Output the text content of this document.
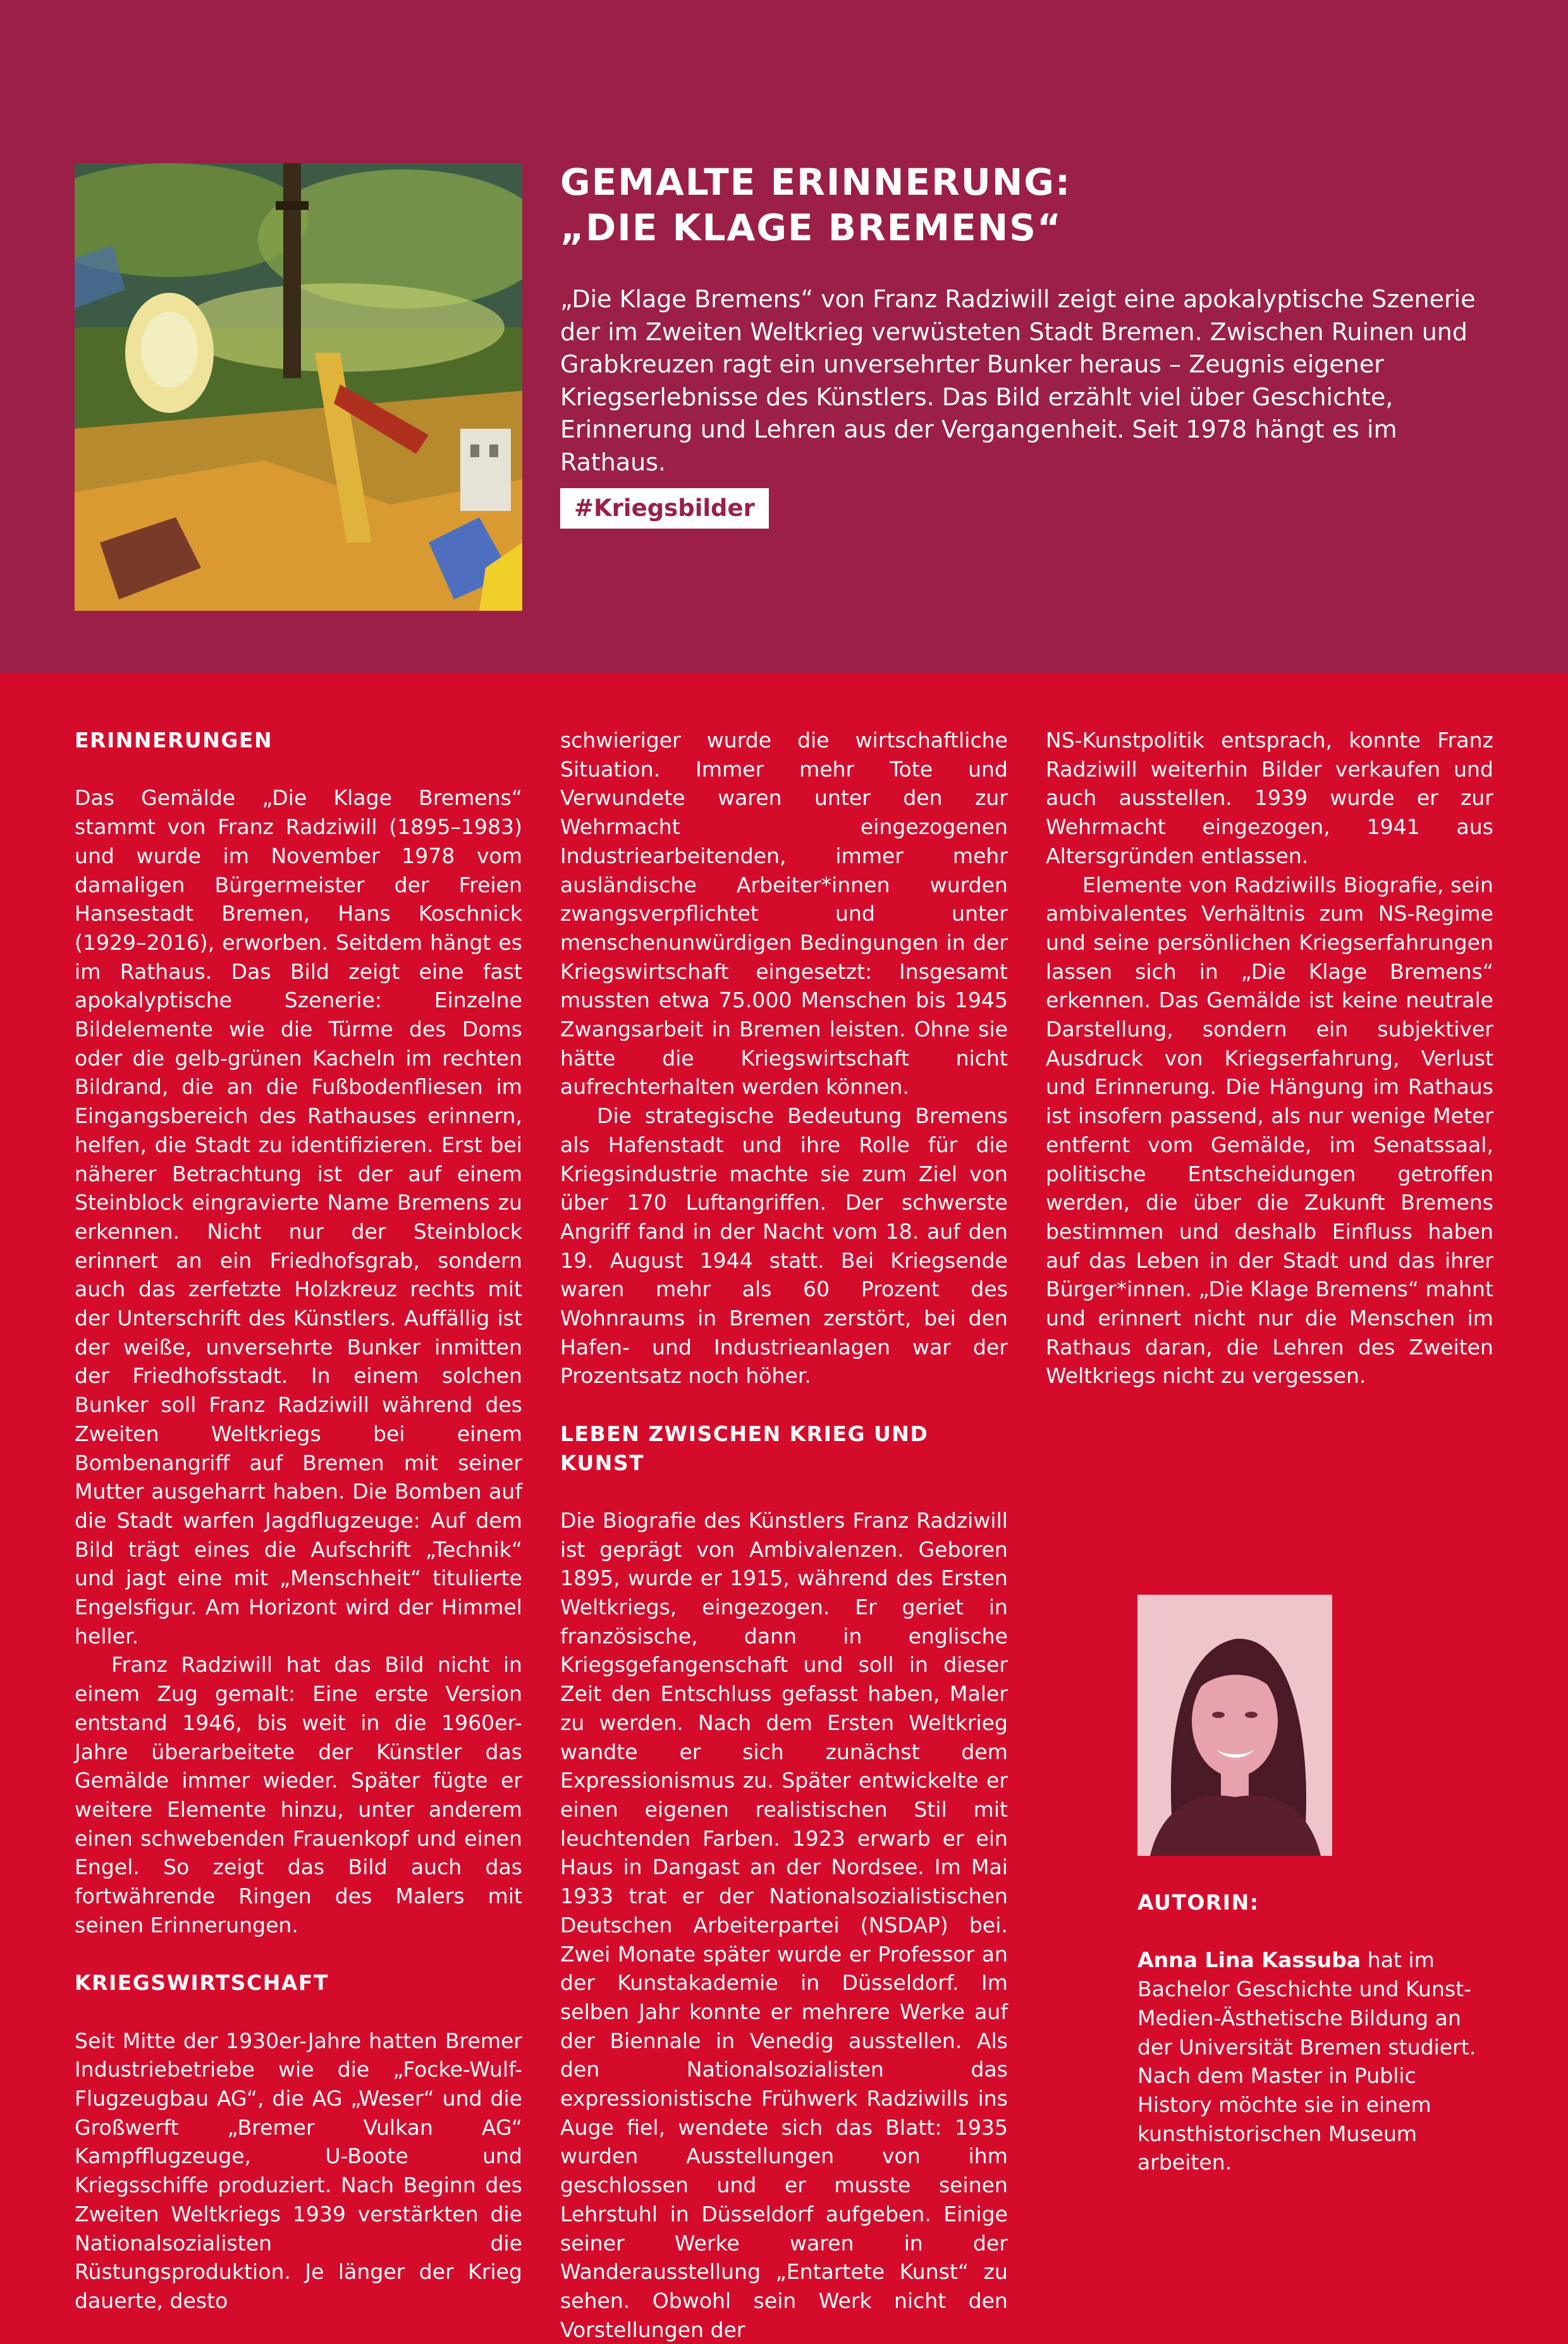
GEMALTE ERINNERUNG:
„DIE KLAGE BREMENS“

„Die Klage Bremens“ von Franz Radziwill zeigt eine apokalyptische Szenerie der im Zweiten Weltkrieg verwüsteten Stadt Bremen. Zwischen Ruinen und Grabkreuzen ragt ein unversehrter Bunker heraus – Zeugnis eigener Kriegserlebnisse des Künstlers. Das Bild erzählt viel über Geschichte, Erinnerung und Lehren aus der Vergangenheit. Seit 1978 hängt es im Rathaus.

#Kriegsbilder
ERINNERUNGEN

Das Gemälde „Die Klage Bremens“ stammt von Franz Radziwill (1895–1983) und wurde im November 1978 vom damaligen Bürgermeister der Freien Hansestadt Bremen, Hans Koschnick (1929–2016), erworben. Seitdem hängt es im Rathaus. Das Bild zeigt eine fast apokalyptische Szenerie: Einzelne Bildelemente wie die Türme des Doms oder die gelb-grünen Kacheln im rechten Bildrand, die an die Fußbodenfliesen im Eingangsbereich des Rathauses erinnern, helfen, die Stadt zu identifizieren. Erst bei näherer Betrachtung ist der auf einem Steinblock eingravierte Name Bremens zu erkennen. Nicht nur der Steinblock erinnert an ein Friedhofsgrab, sondern auch das zerfetzte Holzkreuz rechts mit der Unterschrift des Künstlers. Auffällig ist der weiße, unversehrte Bunker inmitten der Friedhofsstadt. In einem solchen Bunker soll Franz Radziwill während des Zweiten Weltkriegs bei einem Bombenangriff auf Bremen mit seiner Mutter ausgeharrt haben. Die Bomben auf die Stadt warfen Jagdflugzeuge: Auf dem Bild trägt eines die Aufschrift „Technik“ und jagt eine mit „Menschheit“ titulierte Engelsfigur. Am Horizont wird der Himmel heller.

Franz Radziwill hat das Bild nicht in einem Zug gemalt: Eine erste Version entstand 1946, bis weit in die 1960er-Jahre überarbeitete der Künstler das Gemälde immer wieder. Später fügte er weitere Elemente hinzu, unter anderem einen schwebenden Frauenkopf und einen Engel. So zeigt das Bild auch das fortwährende Ringen des Malers mit seinen Erinnerungen.

KRIEGSWIRTSCHAFT

Seit Mitte der 1930er-Jahre hatten Bremer Industriebetriebe wie die „Focke-Wulf-Flugzeugbau AG“, die AG „Weser“ und die Großwerft „Bremer Vulkan AG“ Kampfflugzeuge, U-Boote und Kriegsschiffe produziert. Nach Beginn des Zweiten Weltkriegs 1939 verstärkten die Nationalsozialisten die Rüstungsproduktion. Je länger der Krieg dauerte, desto

schwieriger wurde die wirtschaftliche Situation. Immer mehr Tote und Verwundete waren unter den zur Wehrmacht eingezogenen Industriearbeitenden, immer mehr ausländische Arbeiter*innen wurden zwangsverpflichtet und unter menschenunwürdigen Bedingungen in der Kriegswirtschaft eingesetzt: Insgesamt mussten etwa 75.000 Menschen bis 1945 Zwangsarbeit in Bremen leisten. Ohne sie hätte die Kriegswirtschaft nicht aufrechterhalten werden können.

Die strategische Bedeutung Bremens als Hafenstadt und ihre Rolle für die Kriegsindustrie machte sie zum Ziel von über 170 Luftangriffen. Der schwerste Angriff fand in der Nacht vom 18. auf den 19. August 1944 statt. Bei Kriegsende waren mehr als 60 Prozent des Wohnraums in Bremen zerstört, bei den Hafen- und Industrieanlagen war der Prozentsatz noch höher.

LEBEN ZWISCHEN KRIEG UND KUNST

Die Biografie des Künstlers Franz Radziwill ist geprägt von Ambivalenzen. Geboren 1895, wurde er 1915, während des Ersten Weltkriegs, eingezogen. Er geriet in französische, dann in englische Kriegsgefangenschaft und soll in dieser Zeit den Entschluss gefasst haben, Maler zu werden. Nach dem Ersten Weltkrieg wandte er sich zunächst dem Expressionismus zu. Später entwickelte er einen eigenen realistischen Stil mit leuchtenden Farben. 1923 erwarb er ein Haus in Dangast an der Nordsee. Im Mai 1933 trat er der Nationalsozialistischen Deutschen Arbeiterpartei (NSDAP) bei. Zwei Monate später wurde er Professor an der Kunstakademie in Düsseldorf. Im selben Jahr konnte er mehrere Werke auf der Biennale in Venedig ausstellen. Als den Nationalsozialisten das expressionistische Frühwerk Radziwills ins Auge fiel, wendete sich das Blatt: 1935 wurden Ausstellungen von ihm geschlossen und er musste seinen Lehrstuhl in Düsseldorf aufgeben. Einige seiner Werke waren in der Wanderausstellung „Entartete Kunst“ zu sehen. Obwohl sein Werk nicht den Vorstellungen der

NS-Kunstpolitik entsprach, konnte Franz Radziwill weiterhin Bilder verkaufen und auch ausstellen. 1939 wurde er zur Wehrmacht eingezogen, 1941 aus Altersgründen entlassen.

Elemente von Radziwills Biografie, sein ambivalentes Verhältnis zum NS-Regime und seine persönlichen Kriegserfahrungen lassen sich in „Die Klage Bremens“ erkennen. Das Gemälde ist keine neutrale Darstellung, sondern ein subjektiver Ausdruck von Kriegserfahrung, Verlust und Erinnerung. Die Hängung im Rathaus ist insofern passend, als nur wenige Meter entfernt vom Gemälde, im Senatssaal, politische Entscheidungen getroffen werden, die über die Zukunft Bremens bestimmen und deshalb Einfluss haben auf das Leben in der Stadt und das ihrer Bürger*innen. „Die Klage Bremens“ mahnt und erinnert nicht nur die Menschen im Rathaus daran, die Lehren des Zweiten Weltkriegs nicht zu vergessen.

AUTORIN:

Anna Lina Kassuba hat im Bachelor Geschichte und Kunst-Medien-Ästhetische Bildung an der Universität Bremen studiert. Nach dem Master in Public History möchte sie in einem kunsthistorischen Museum arbeiten.
